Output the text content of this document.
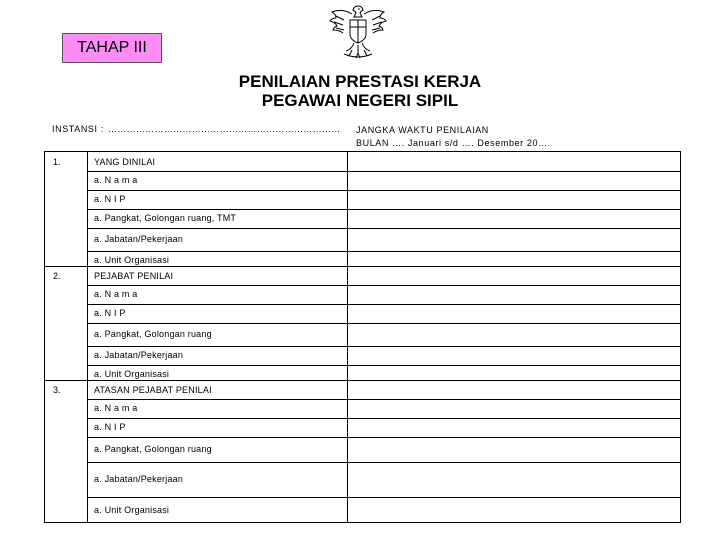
TAHAP III
PENILAIAN PRESTASI KERJA
PEGAWAI NEGERI SIPIL
INSTANSI : ………………………………………………………………… JANGKA WAKTU PENILAIAN
BULAN …. Januari s/d …. Desember 20….
1.	YANG DINILAI
a. N a m a
a. N I P
a. Pangkat, Golongan ruang, TMT
a. Jabatan/Pekerjaan
a. Unit Organisasi
2.	PEJABAT PENILAI
a. N a m a
a. N I P
a. Pangkat, Golongan ruang
a. Jabatan/Pekerjaan
a. Unit Organisasi
3.	ATASAN PEJABAT PENILAI
a. N a m a
a. N I P
a. Pangkat, Golongan ruang
a. Jabatan/Pekerjaan
a. Unit Organisasi
